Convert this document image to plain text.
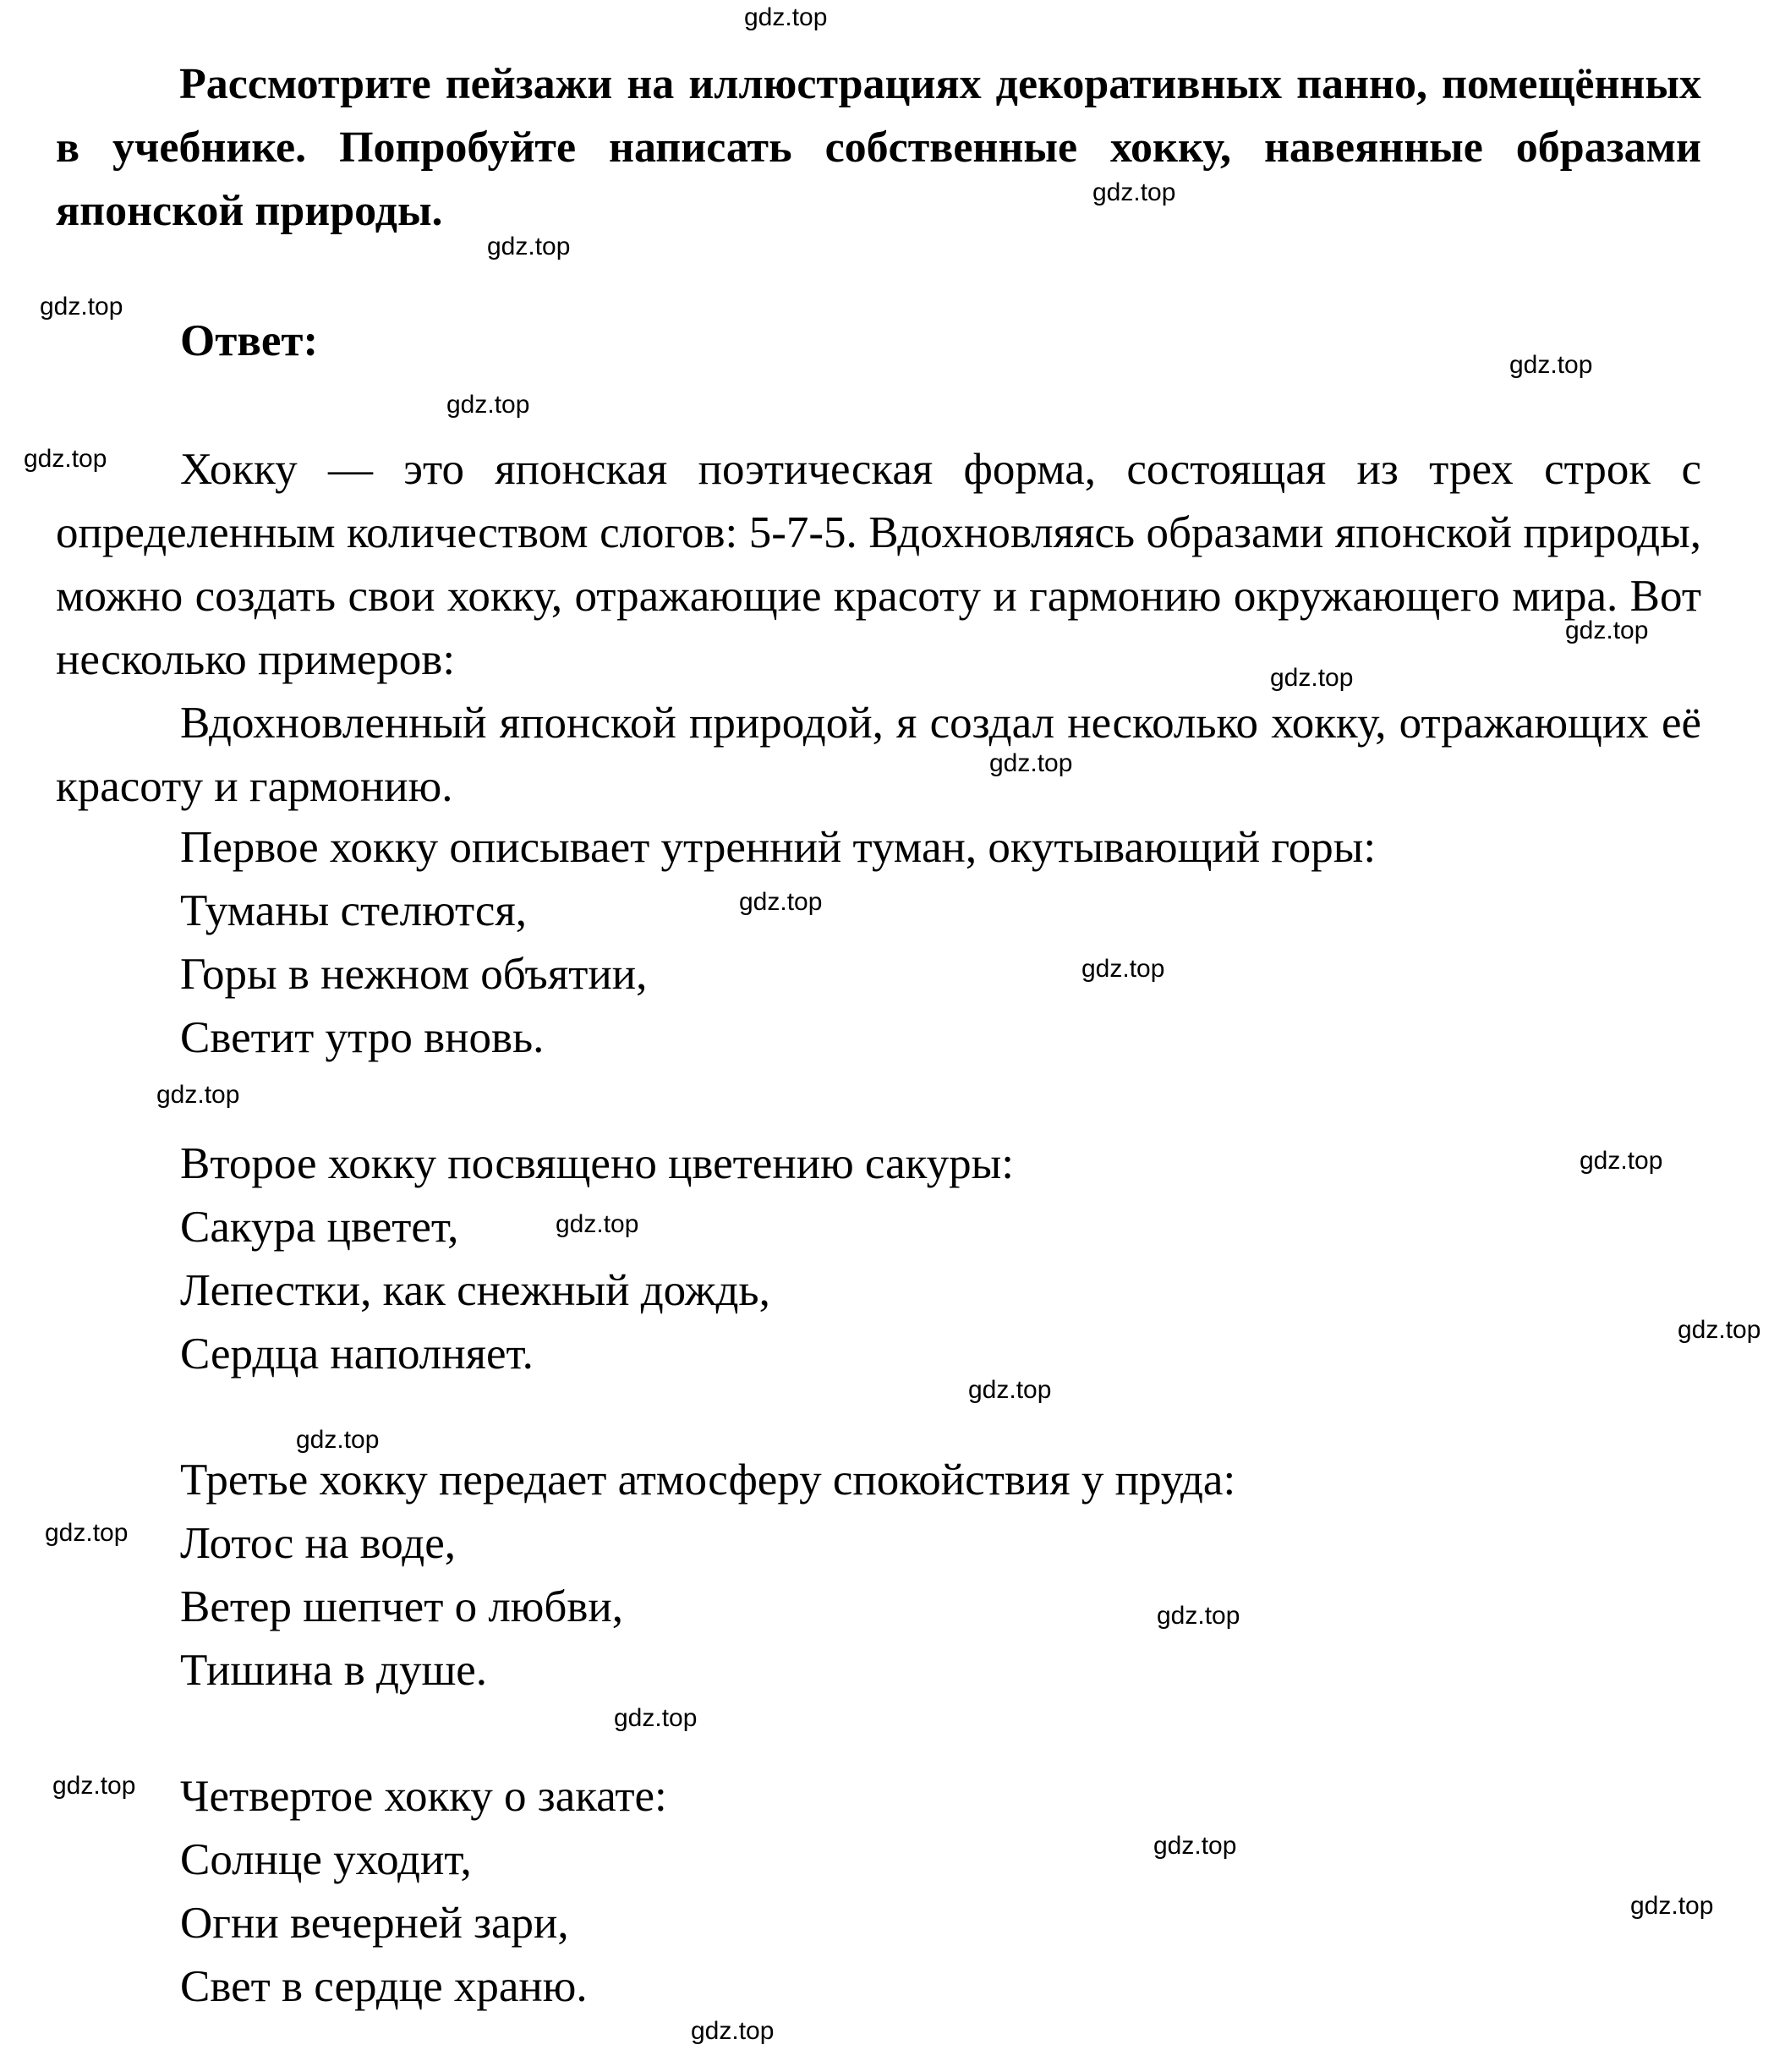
Рассмотрите пейзажи на иллюстрациях декоративных панно, помещённых в учебнике. Попробуйте написать собственные хокку, навеянные образами японской природы.

Ответ:

Хокку — это японская поэтическая форма, состоящая из трех строк с определенным количеством слогов: 5-7-5. Вдохновляясь образами японской природы, можно создать свои хокку, отражающие красоту и гармонию окружающего мира. Вот несколько примеров:

Вдохновленный японской природой, я создал несколько хокку, отражающих её красоту и гармонию.

Первое хокку описывает утренний туман, окутывающий горы:

Туманы стелются,

Горы в нежном объятии,

Светит утро вновь.

Второе хокку посвящено цветению сакуры:

Сакура цветет,

Лепестки, как снежный дождь,

Сердца наполняет.

Третье хокку передает атмосферу спокойствия у пруда:

Лотос на воде,

Ветер шепчет о любви,

Тишина в душе.

Четвертое хокку о закате:

Солнце уходит,

Огни вечерней зари,

Свет в сердце храню.

gdz.top
gdz.top
gdz.top
gdz.top
gdz.top
gdz.top
gdz.top
gdz.top
gdz.top
gdz.top
gdz.top
gdz.top
gdz.top
gdz.top
gdz.top
gdz.top
gdz.top
gdz.top
gdz.top
gdz.top
gdz.top
gdz.top
gdz.top
gdz.top
gdz.top
